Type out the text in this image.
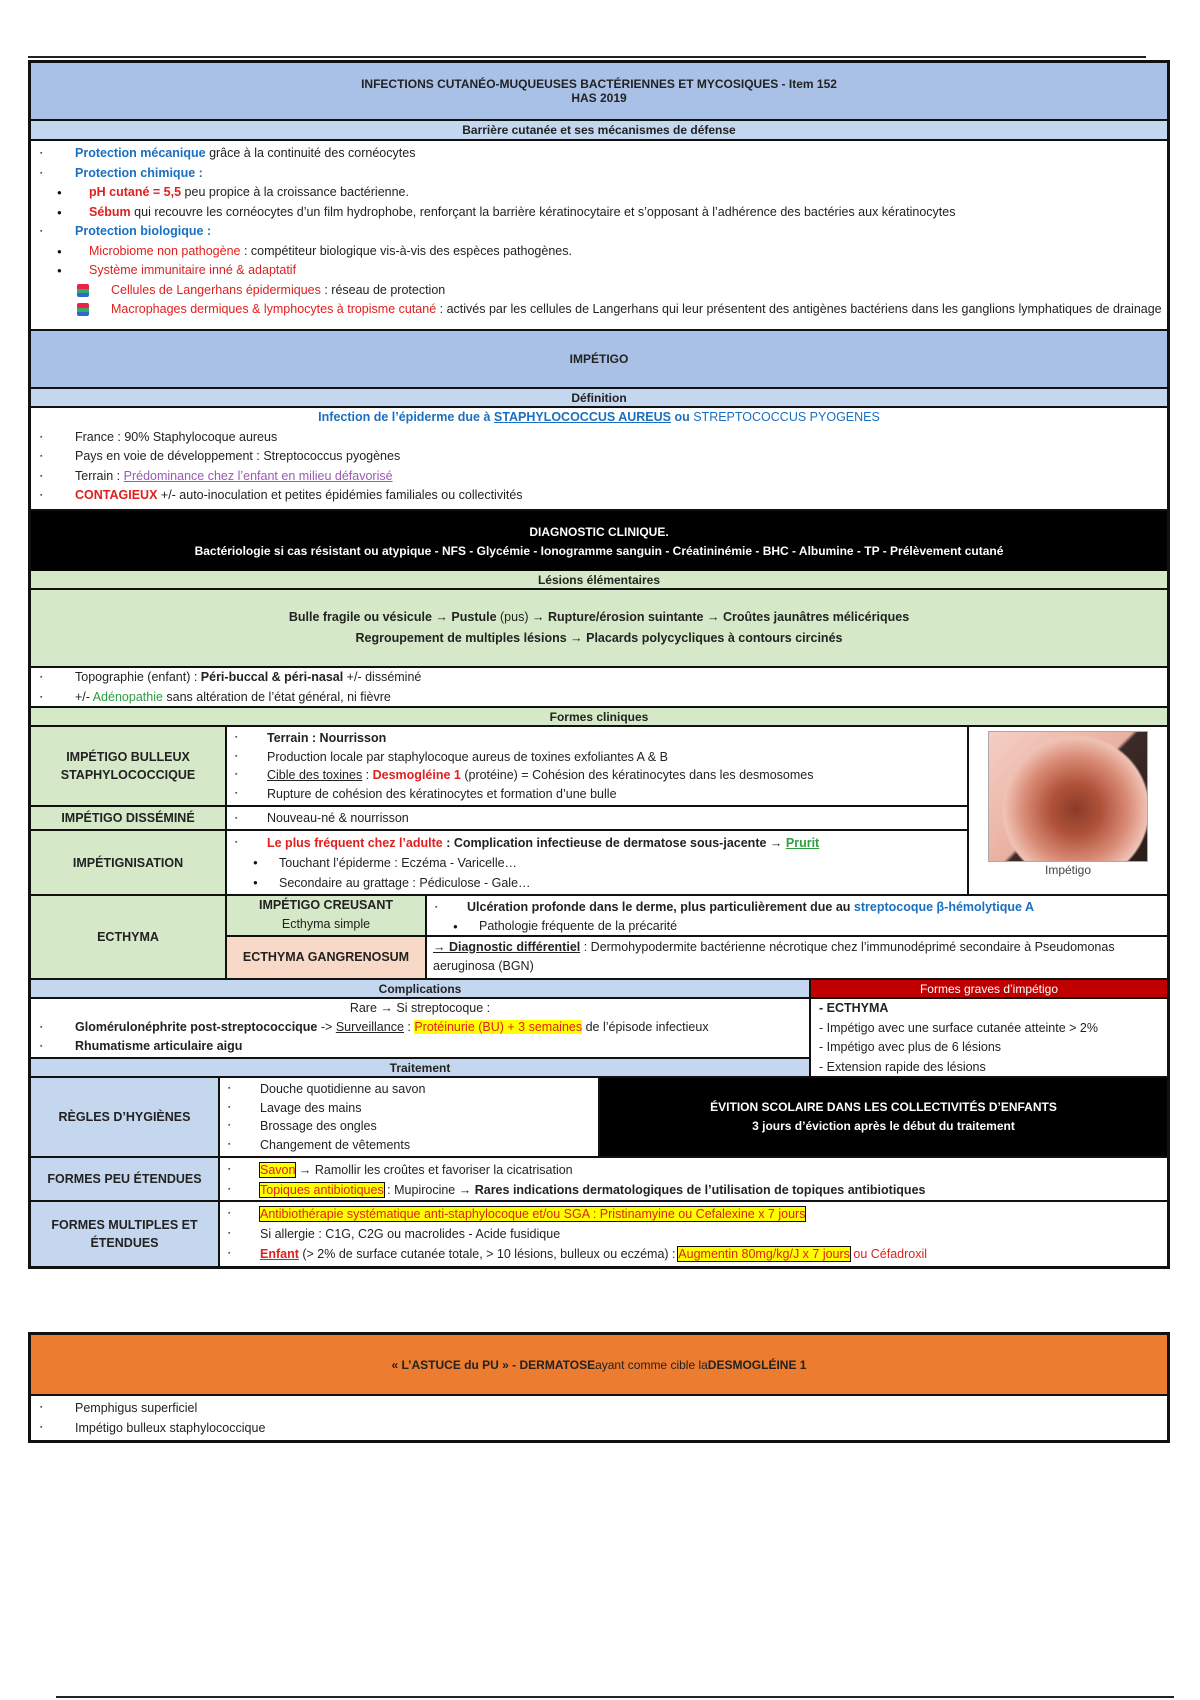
INFECTIONS CUTANÉO-MUQUEUSES BACTÉRIENNES ET MYCOSIQUES - Item 152
HAS 2019
Barrière cutanée et ses mécanismes de défense
▪ Protection mécanique grâce à la continuité des cornéocytes
▪ Protection chimique :
● pH cutané = 5,5 peu propice à la croissance bactérienne.
● Sébum qui recouvre les cornéocytes d’un film hydrophobe, renforçant la barrière kératinocytaire et s’opposant à l’adhérence des bactéries aux kératinocytes
▪ Protection biologique :
● Microbiome non pathogène : compétiteur biologique vis-à-vis des espèces pathogènes.
● Système immunitaire inné & adaptatif
Cellules de Langerhans épidermiques : réseau de protection
Macrophages dermiques & lymphocytes à tropisme cutané : activés par les cellules de Langerhans qui leur présentent des antigènes bactériens dans les ganglions lymphatiques de drainage
IMPÉTIGO
Définition
Infection de l’épiderme due à STAPHYLOCOCCUS AUREUS ou STREPTOCOCCUS PYOGENES
▪ France : 90% Staphylocoque aureus
▪ Pays en voie de développement : Streptococcus pyogènes
▪ Terrain : Prédominance chez l’enfant en milieu défavorisé
▪ CONTAGIEUX +/- auto-inoculation et petites épidémies familiales ou collectivités
DIAGNOSTIC CLINIQUE.
Bactériologie si cas résistant ou atypique - NFS - Glycémie - Ionogramme sanguin - Créatininémie - BHC - Albumine - TP - Prélèvement cutané
Lésions élémentaires
Bulle fragile ou vésicule → Pustule (pus) → Rupture/érosion suintante → Croûtes jaunâtres mélicériques
Regroupement de multiples lésions → Placards polycycliques à contours circinés
▪ Topographie (enfant) : Péri-buccal & péri-nasal +/- disséminé
▪ +/- Adénopathie sans altération de l’état général, ni fièvre
Formes cliniques
IMPÉTIGO BULLEUX STAPHYLOCOCCIQUE
▪ Terrain : Nourrisson
▪ Production locale par staphylocoque aureus de toxines exfoliantes A & B
▪ Cible des toxines : Desmogléine 1 (protéine) = Cohésion des kératinocytes dans les desmosomes
▪ Rupture de cohésion des kératinocytes et formation d’une bulle
IMPÉTIGO DISSÉMINÉ
▪	Nouveau-né & nourrisson
IMPÉTIGNISATION
▪ Le plus fréquent chez l’adulte : Complication infectieuse de dermatose sous-jacente → Prurit
● Touchant l’épiderme : Eczéma - Varicelle…
● Secondaire au grattage : Pédiculose - Gale…
Impétigo
ECTHYMA
IMPÉTIGO CREUSANT
Ecthyma simple
▪ Ulcération profonde dans le derme, plus particulièrement due au streptocoque β-hémolytique A
● Pathologie fréquente de la précarité
ECTHYMA GANGRENOSUM
→ Diagnostic différentiel : Dermohypodermite bactérienne nécrotique chez l’immunodéprimé secondaire à Pseudomonas aeruginosa (BGN)
Complications
Rare → Si streptocoque :
▪ Glomérulonéphrite post-streptococcique -> Surveillance : Protéinurie (BU) + 3 semaines de l’épisode infectieux
▪ Rhumatisme articulaire aigu
Traitement
Formes graves d’impétigo
- ECTHYMA
- Impétigo avec une surface cutanée atteinte > 2%
- Impétigo avec plus de 6 lésions
- Extension rapide des lésions
RÈGLES D’HYGIÈNES
▪ Douche quotidienne au savon
▪ Lavage des mains
▪ Brossage des ongles
▪ Changement de vêtements
ÉVITION SCOLAIRE DANS LES COLLECTIVITÉS D’ENFANTS
3 jours d’éviction après le début du traitement
FORMES PEU ÉTENDUES
▪ Savon → Ramollir les croûtes et favoriser la cicatrisation
▪ Topiques antibiotiques : Mupirocine → Rares indications dermatologiques de l’utilisation de topiques antibiotiques
FORMES MULTIPLES ET ÉTENDUES
▪ Antibiothérapie systématique anti-staphylocoque et/ou SGA : Pristinamyine ou Cefalexine x 7 jours
▪ Si allergie : C1G, C2G ou macrolides - Acide fusidique
▪ Enfant (> 2% de surface cutanée totale, > 10 lésions, bulleux ou eczéma) : Augmentin 80mg/kg/J x 7 jours ou Céfadroxil
« L’ASTUCE du PU » - DERMATOSE ayant comme cible la DESMOGLÉINE 1
▪ Pemphigus superficiel
▪ Impétigo bulleux staphylococcique
